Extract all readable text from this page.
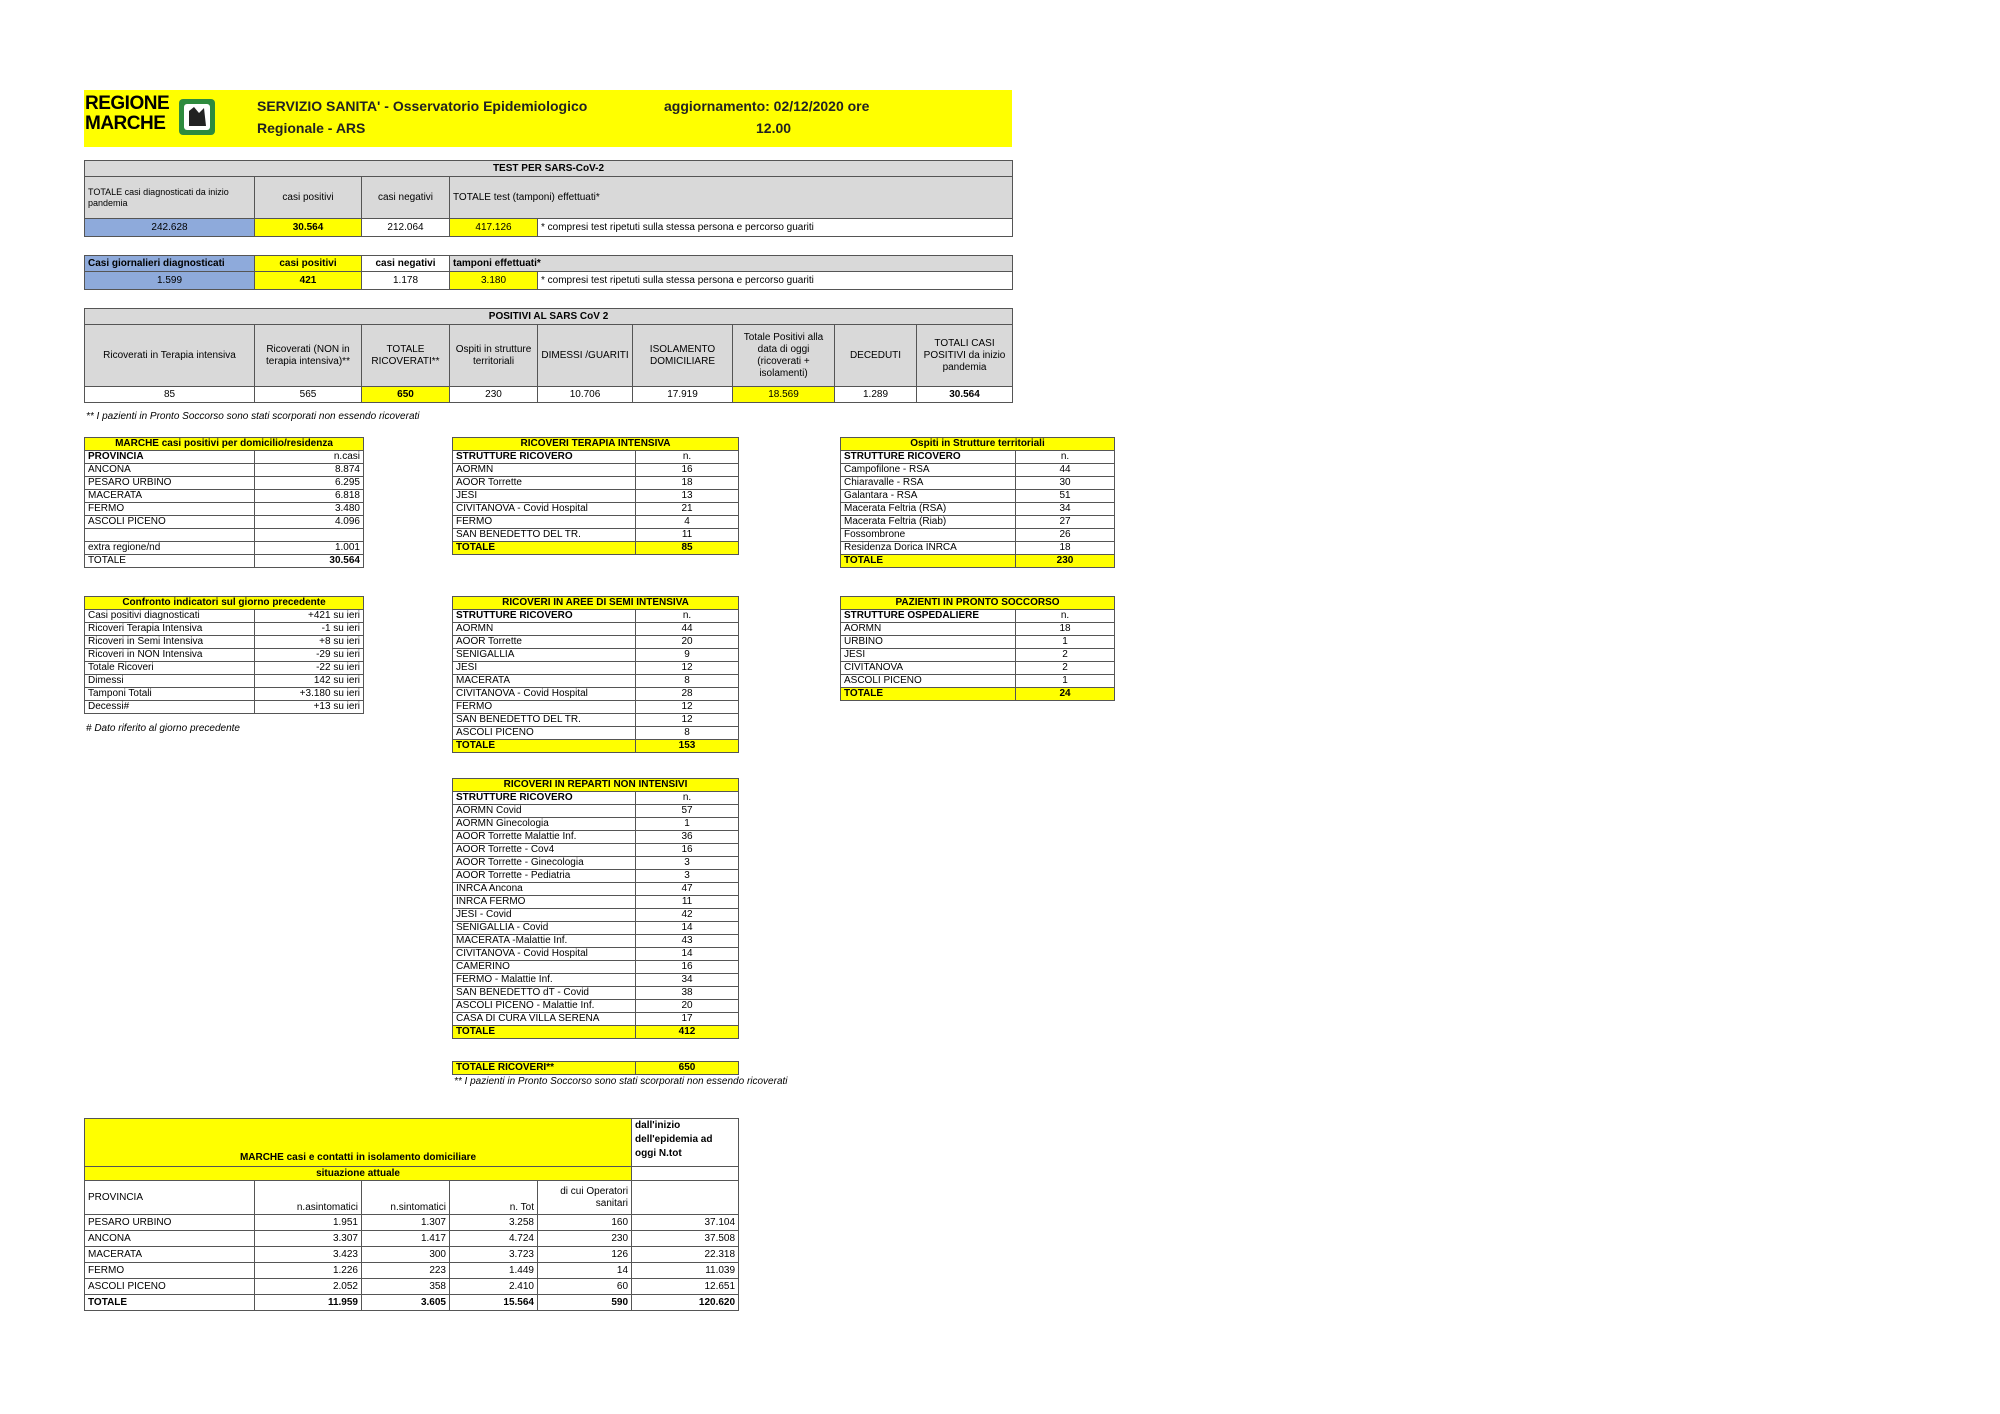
REGIONE
MARCHE
SERVIZIO SANITA' - Osservatorio Epidemiologico
Regionale - ARS
aggiornamento: 02/12/2020 ore
12.00
TEST PER SARS-CoV-2				
TOTALE casi diagnosticati da inizio pandemia	casi positivi	casi negativi	TOTALE test (tamponi) effettuati*	
242.628	30.564	212.064	417.126	* compresi test ripetuti sulla stessa persona e percorso guariti
Casi giornalieri diagnosticati	casi positivi	casi negativi	tamponi effettuati*	
1.599	421	1.178	3.180	* compresi test ripetuti sulla stessa persona e percorso guariti
POSITIVI AL SARS CoV 2								
Ricoverati in Terapia intensiva	Ricoverati (NON in terapia intensiva)**	TOTALE RICOVERATI**	Ospiti in strutture territoriali	DIMESSI /GUARITI	ISOLAMENTO DOMICILIARE	Totale Positivi alla data di oggi (ricoverati + isolamenti)	DECEDUTI	TOTALI CASI POSITIVI da inizio pandemia
85	565	650	230	10.706	17.919	18.569	1.289	30.564
** I pazienti in Pronto Soccorso sono stati scorporati non essendo ricoverati
MARCHE casi positivi per domicilio/residenza	
PROVINCIA	n.casi
ANCONA	8.874
PESARO URBINO	6.295
MACERATA	6.818
FERMO	3.480
ASCOLI PICENO	4.096

extra regione/nd	1.001
TOTALE	30.564
Confronto indicatori sul giorno precedente	
Casi positivi diagnosticati	+421 su ieri
Ricoveri Terapia Intensiva	-1 su ieri
Ricoveri in Semi Intensiva	+8 su ieri
Ricoveri in NON Intensiva	-29 su ieri
Totale Ricoveri	-22 su ieri
Dimessi	142 su ieri
Tamponi Totali	+3.180 su ieri
Decessi#	+13 su ieri
# Dato riferito al giorno precedente
RICOVERI TERAPIA INTENSIVA	
STRUTTURE RICOVERO	n.
AORMN	16
AOOR Torrette	18
JESI	13
CIVITANOVA - Covid Hospital	21
FERMO	4
SAN BENEDETTO DEL TR.	11
TOTALE	85
RICOVERI IN AREE DI SEMI INTENSIVA	
STRUTTURE RICOVERO	n.
AORMN	44
AOOR Torrette	20
SENIGALLIA	9
JESI	12
MACERATA	8
CIVITANOVA - Covid Hospital	28
FERMO	12
SAN BENEDETTO DEL TR.	12
ASCOLI PICENO	8
TOTALE	153
RICOVERI IN REPARTI NON INTENSIVI	
STRUTTURE RICOVERO	n.
AORMN Covid	57
AORMN Ginecologia	1
AOOR Torrette Malattie Inf.	36
AOOR Torrette - Cov4	16
AOOR Torrette - Ginecologia	3
AOOR Torrette - Pediatria	3
INRCA Ancona	47
INRCA FERMO	11
JESI - Covid	42
SENIGALLIA - Covid	14
MACERATA -Malattie Inf.	43
CIVITANOVA - Covid Hospital	14
CAMERINO	16
FERMO - Malattie Inf.	34
SAN BENEDETTO dT - Covid	38
ASCOLI PICENO - Malattie Inf.	20
CASA DI CURA VILLA SERENA	17
TOTALE	412
TOTALE RICOVERI**	650
** I pazienti in Pronto Soccorso sono stati scorporati non essendo ricoverati
Ospiti in Strutture territoriali	
STRUTTURE RICOVERO	n.
Campofilone - RSA	44
Chiaravalle - RSA	30
Galantara - RSA	51
Macerata Feltria (RSA)	34
Macerata Feltria (Riab)	27
Fossombrone	26
Residenza Dorica INRCA	18
TOTALE	230
PAZIENTI IN PRONTO SOCCORSO	
STRUTTURE OSPEDALIERE	n.
AORMN	18
URBINO	1
JESI	2
CIVITANOVA	2
ASCOLI PICENO	1
TOTALE	24
MARCHE casi e contatti in isolamento domiciliare					dall'inizio dell'epidemia ad oggi N.tot
situazione attuale					
PROVINCIA	n.asintomatici	n.sintomatici	n. Tot	di cui Operatori sanitari	
PESARO URBINO	1.951	1.307	3.258	160	37.104
ANCONA	3.307	1.417	4.724	230	37.508
MACERATA	3.423	300	3.723	126	22.318
FERMO	1.226	223	1.449	14	11.039
ASCOLI PICENO	2.052	358	2.410	60	12.651
TOTALE	11.959	3.605	15.564	590	120.620
